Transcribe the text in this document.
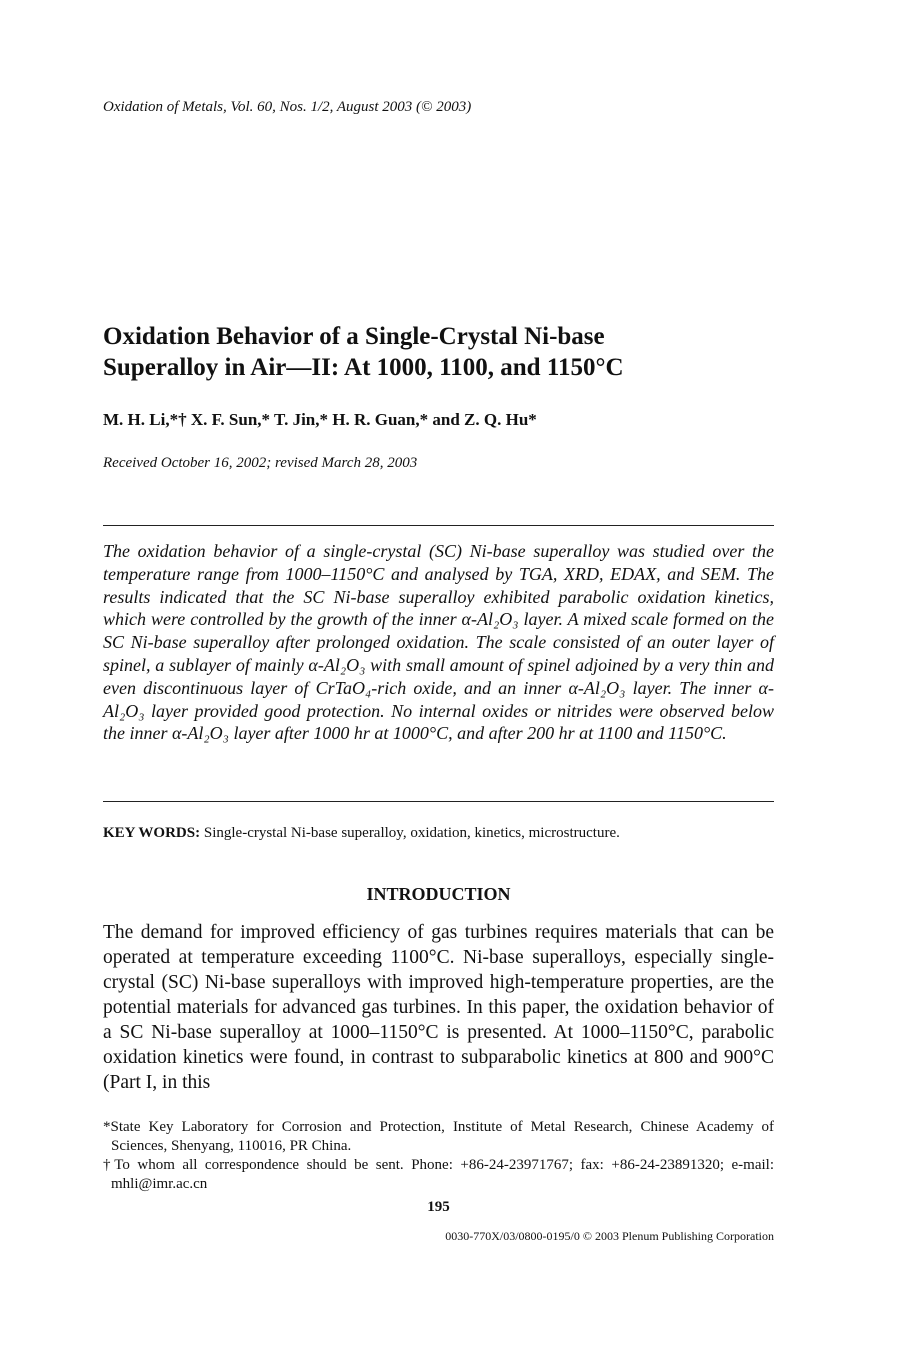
Oxidation of Metals, Vol. 60, Nos. 1/2, August 2003 (© 2003)
Oxidation Behavior of a Single-Crystal Ni-base
Superalloy in Air—II: At 1000, 1100, and 1150°C
M. H. Li,*† X. F. Sun,* T. Jin,* H. R. Guan,* and Z. Q. Hu*
Received October 16, 2002; revised March 28, 2003
The oxidation behavior of a single-crystal (SC) Ni-base superalloy was studied over the temperature range from 1000–1150°C and analysed by TGA, XRD, EDAX, and SEM. The results indicated that the SC Ni-base superalloy exhibited parabolic oxidation kinetics, which were controlled by the growth of the inner α-Al₂O₃ layer. A mixed scale formed on the SC Ni-base superalloy after prolonged oxidation. The scale consisted of an outer layer of spinel, a sublayer of mainly α-Al₂O₃ with small amount of spinel adjoined by a very thin and even discontinuous layer of CrTaO₄-rich oxide, and an inner α-Al₂O₃ layer. The inner α-Al₂O₃ layer provided good protection. No internal oxides or nitrides were observed below the inner α-Al₂O₃ layer after 1000 hr at 1000°C, and after 200 hr at 1100 and 1150°C.
KEY WORDS: Single-crystal Ni-base superalloy, oxidation, kinetics, microstructure.
INTRODUCTION
The demand for improved efficiency of gas turbines requires materials that can be operated at temperature exceeding 1100°C. Ni-base superalloys, especially single-crystal (SC) Ni-base superalloys with improved high-temperature properties, are the potential materials for advanced gas turbines. In this paper, the oxidation behavior of a SC Ni-base superalloy at 1000–1150°C is presented. At 1000–1150°C, parabolic oxidation kinetics were found, in contrast to subparabolic kinetics at 800 and 900°C (Part I, in this
*State Key Laboratory for Corrosion and Protection, Institute of Metal Research, Chinese Academy of Sciences, Shenyang, 110016, PR China.
†To whom all correspondence should be sent. Phone: +86-24-23971767; fax: +86-24-23891320; e-mail: mhli@imr.ac.cn
195
0030-770X/03/0800-0195/0 © 2003 Plenum Publishing Corporation
